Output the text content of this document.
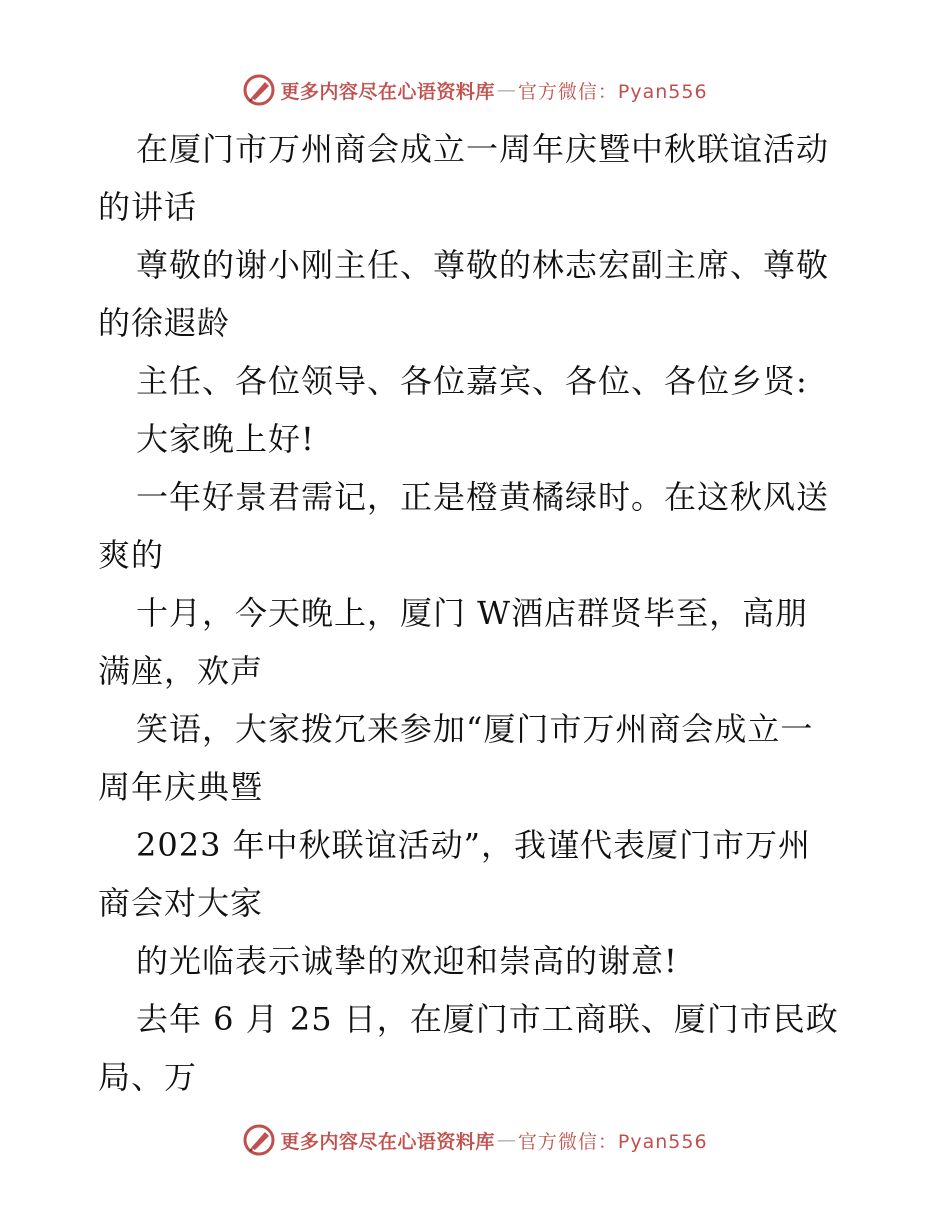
更多内容尽在心语资料库 — 官方微信：Pyan556
在厦门市万州商会成立一周年庆暨中秋联谊活动
的讲话
尊敬的谢小刚主任、尊敬的林志宏副主席、尊敬
的徐遐龄
主任、各位领导、各位嘉宾、各位、各位乡贤:
大家晚上好!
一年好景君需记，正是橙黄橘绿时。在这秋风送
爽的
十月，今天晚上，厦门 W酒店群贤毕至，高朋
满座，欢声
笑语，大家拨冗来参加“厦门市万州商会成立一
周年庆典暨
2023 年中秋联谊活动”，我谨代表厦门市万州
商会对大家
的光临表示诚挚的欢迎和崇高的谢意!
去年 6 月 25 日，在厦门市工商联、厦门市民政
局、万
更多内容尽在心语资料库 — 官方微信：Pyan556
